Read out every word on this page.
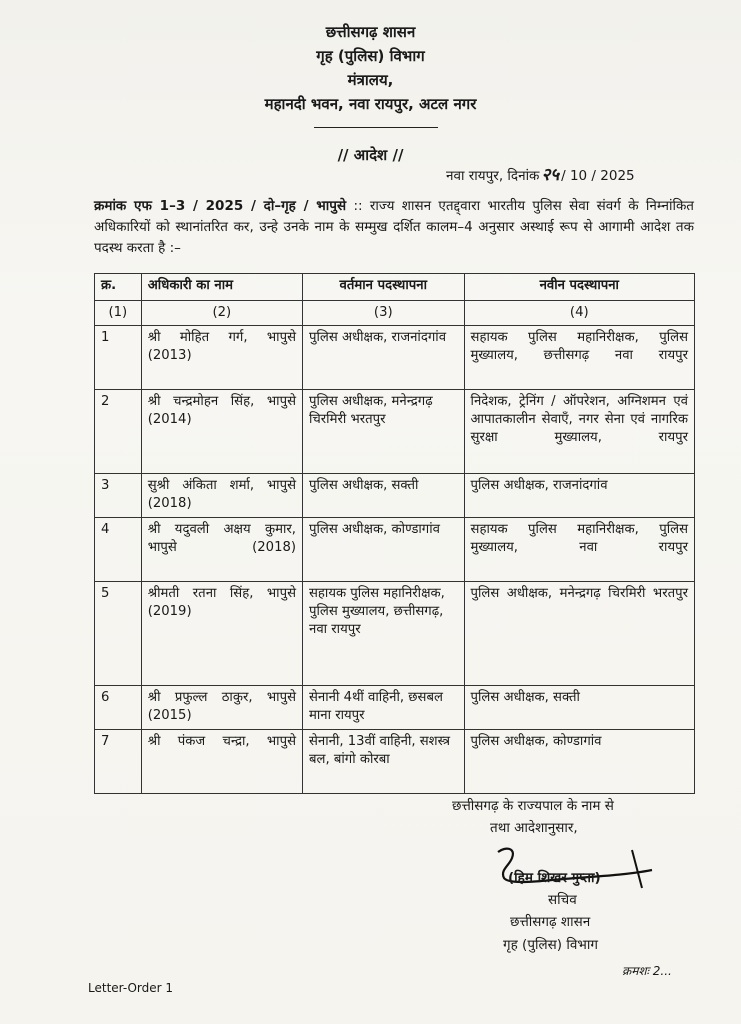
छत्तीसगढ़ शासन
गृह (पुलिस) विभाग
मंत्रालय,
महानदी भवन, नवा रायपुर, अटल नगर
// आदेश //
नवा रायपुर, दिनांक २५ / 10 / 2025
क्रमांक एफ 1–3 / 2025 / दो–गृह / भापुसे :: राज्य शासन एतद्द्वारा भारतीय पुलिस सेवा संवर्ग के निम्नांकित अधिकारियों को स्थानांतरित कर, उन्हे उनके नाम के सम्मुख दर्शित कालम–4 अनुसार अस्थाई रूप से आगामी आदेश तक पदस्थ करता है :–
क्र.	अधिकारी का नाम	वर्तमान पदस्थापना	नवीन पदस्थापना
(1)	(2)	(3)	(4)
1	श्री मोहित गर्ग, भापुसे (2013)	पुलिस अधीक्षक, राजनांदगांव	सहायक पुलिस महानिरीक्षक, पुलिस मुख्यालय, छत्तीसगढ़ नवा रायपुर
2	श्री चन्द्रमोहन सिंह, भापुसे (2014)	पुलिस अधीक्षक, मनेन्द्रगढ़ चिरमिरी भरतपुर	निदेशक, ट्रेनिंग / ऑपरेशन, अग्निशमन एवं आपातकालीन सेवाएँ, नगर सेना एवं नागरिक सुरक्षा मुख्यालय, रायपुर
3	सुश्री अंकिता शर्मा, भापुसे (2018)	पुलिस अधीक्षक, सक्ती	पुलिस अधीक्षक, राजनांदगांव
4	श्री यदुवली अक्षय कुमार, भापुसे (2018)	पुलिस अधीक्षक, कोण्डागांव	सहायक पुलिस महानिरीक्षक, पुलिस मुख्यालय, नवा रायपुर
5	श्रीमती रतना सिंह, भापुसे (2019)	सहायक पुलिस महानिरीक्षक, पुलिस मुख्यालय, छत्तीसगढ़, नवा रायपुर	पुलिस अधीक्षक, मनेन्द्रगढ़ चिरमिरी भरतपुर
6	श्री प्रफुल्ल ठाकुर, भापुसे (2015)	सेनानी 4थीं वाहिनी, छसबल माना रायपुर	पुलिस अधीक्षक, सक्ती
7	श्री पंकज चन्द्रा, भापुसे	सेनानी, 13वीं वाहिनी, सशस्त्र बल, बांगो कोरबा	पुलिस अधीक्षक, कोण्डागांव
छत्तीसगढ़ के राज्यपाल के नाम से
तथा आदेशानुसार,
(हिम शिखर गुप्ता)
सचिव
छत्तीसगढ़ शासन
गृह (पुलिस) विभाग
Letter-Order 1
क्रमशः 2...
